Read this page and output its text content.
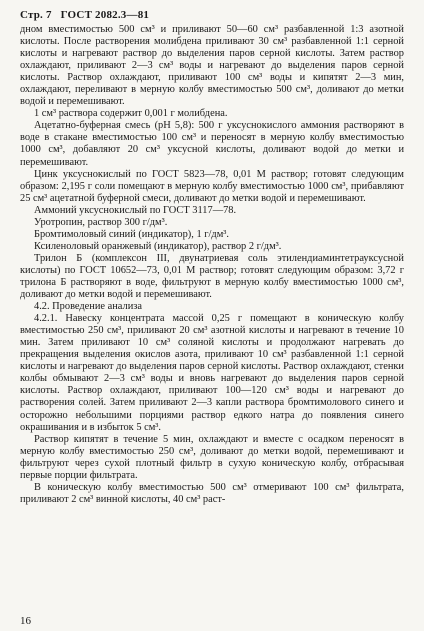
Стр. 7 ГОСТ 2082.3—81

дном вместимостью 500 см³ и приливают 50—60 см³ разбавленной 1:3 азотной кислоты. После растворения молибдена приливают 30 см³ разбавленной 1:1 серной кислоты и нагревают раствор до выделения паров серной кислоты. Затем раствор охлаждают, приливают 2—3 см³ воды и нагревают до выделения паров серной кислоты. Раствор охлаждают, приливают 100 см³ воды и кипятят 2—3 мин, охлаждают, переливают в мерную колбу вместимостью 500 см³, доливают до метки водой и перемешивают.

1 см³ раствора содержит 0,001 г молибдена.

Ацетатно-буферная смесь (pH 5,8): 500 г уксуснокислого аммония растворяют в воде в стакане вместимостью 100 см³ и переносят в мерную колбу вместимостью 1000 см³, добавляют 20 см³ уксусной кислоты, доливают водой до метки и перемешивают.

Цинк уксуснокислый по ГОСТ 5823—78, 0,01 М раствор; готовят следующим образом: 2,195 г соли помещают в мерную колбу вместимостью 1000 см³, прибавляют 25 см³ ацетатной буферной смеси, доливают до метки водой и перемешивают.

Аммоний уксуснокислый по ГОСТ 3117—78.

Уротропин, раствор 300 г/дм³.

Бромтимоловый синий (индикатор), 1 г/дм³.

Ксиленоловый оранжевый (индикатор), раствор 2 г/дм³.

Трилон Б (комплексон III, двунатриевая соль этилендиаминтетрауксусной кислоты) по ГОСТ 10652—73, 0,01 М раствор; готовят следующим образом: 3,72 г трилона Б растворяют в воде, фильтруют в мерную колбу вместимостью 1000 см³, доливают до метки водой и перемешивают.

4.2. Проведение анализа

4.2.1. Навеску концентрата массой 0,25 г помещают в коническую колбу вместимостью 250 см³, приливают 20 см³ азотной кислоты и нагревают в течение 10 мин. Затем приливают 10 см³ соляной кислоты и продолжают нагревать до прекращения выделения окислов азота, приливают 10 см³ разбавленной 1:1 серной кислоты и нагревают до выделения паров серной кислоты. Раствор охлаждают, стенки колбы обмывают 2—3 см³ воды и вновь нагревают до выделения паров серной кислоты. Раствор охлаждают, приливают 100—120 см³ воды и нагревают до растворения солей. Затем приливают 2—3 капли раствора бромтимолового синего и осторожно небольшими порциями раствор едкого натра до появления синего окрашивания и в избыток 5 см³.

Раствор кипятят в течение 5 мин, охлаждают и вместе с осадком переносят в мерную колбу вместимостью 250 см³, доливают до метки водой, перемешивают и фильтруют через сухой плотный фильтр в сухую коническую колбу, отбрасывая первые порции фильтрата.

В коническую колбу вместимостью 500 см³ отмеривают 100 см³ фильтрата, приливают 2 см³ винной кислоты, 40 см³ раст-

16
